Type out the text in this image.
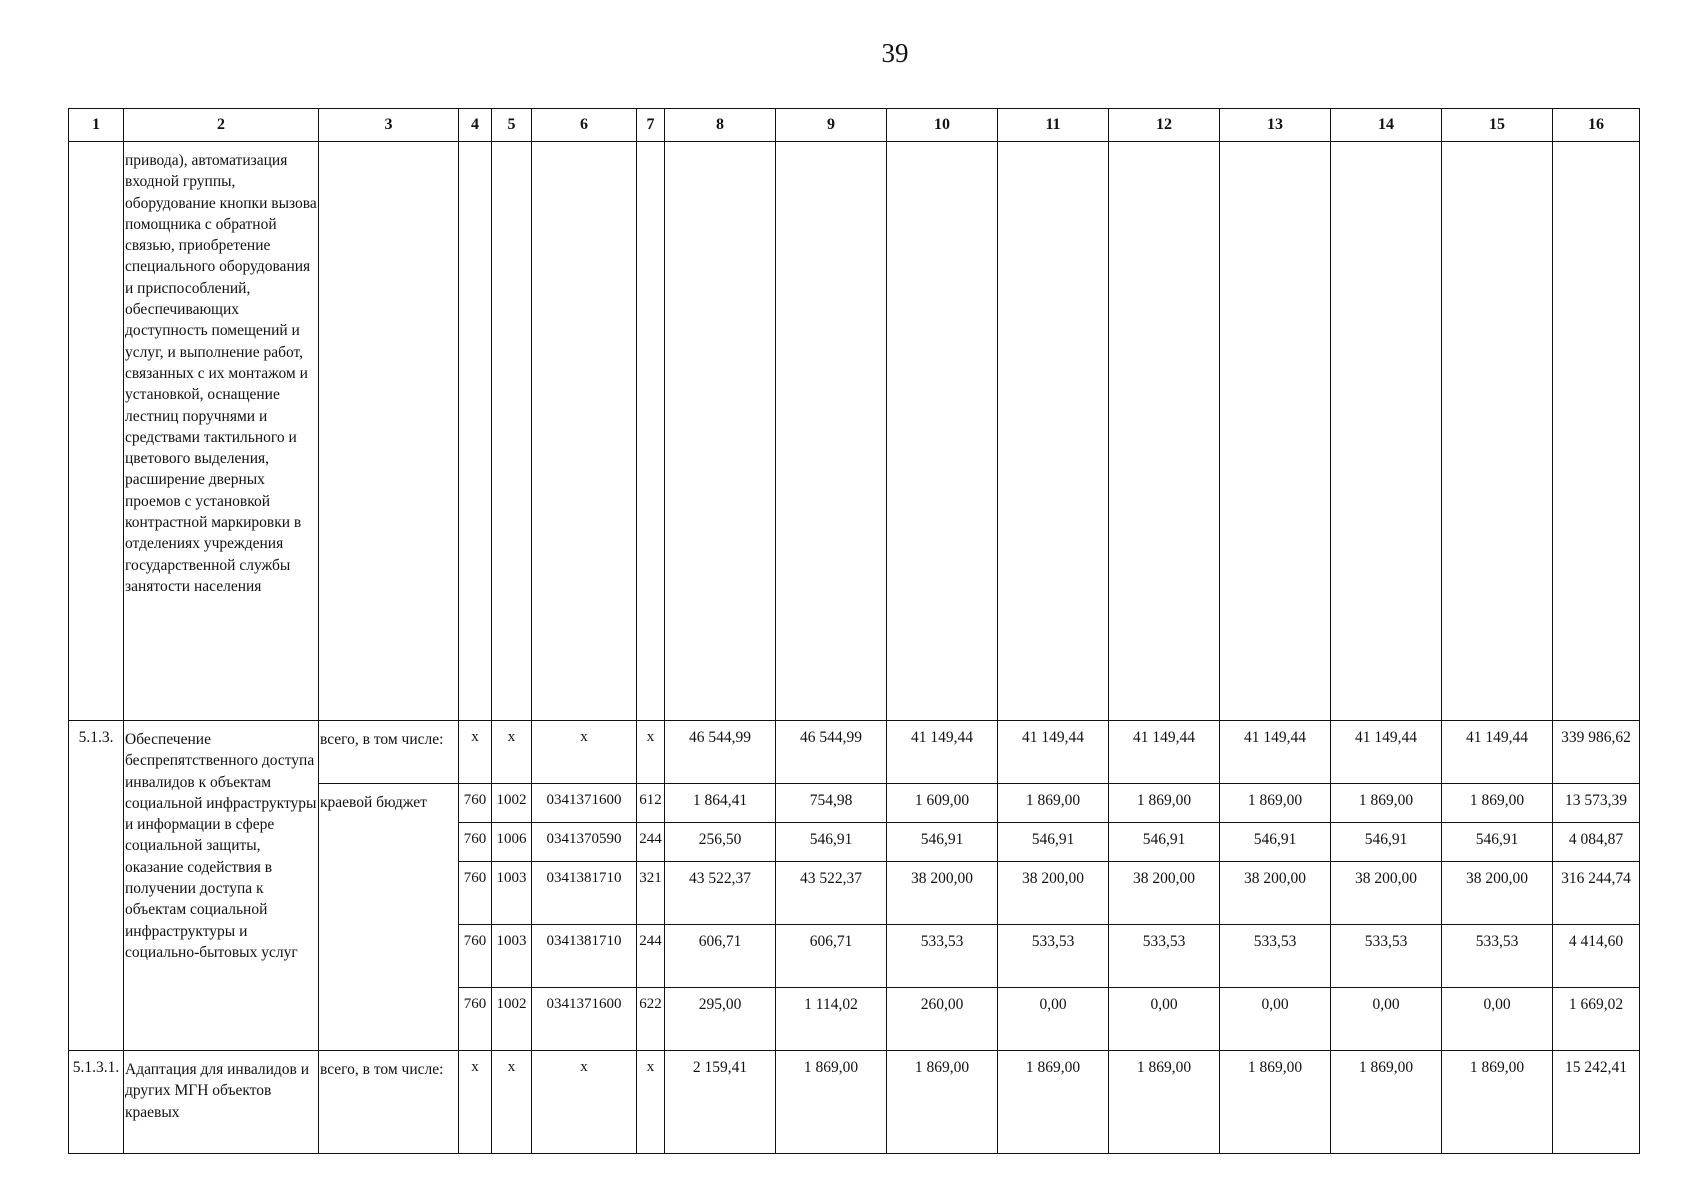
39
1	2	3	4	5	6	7	8	9	10	11	12	13	14	15	16
	привода), автоматизация входной группы, оборудование кнопки вызова помощника с обратной связью, приобретение специального оборудования и приспособлений, обеспечивающих доступность помещений и услуг, и выполнение работ, связанных с их монтажом и установкой, оснащение лестниц поручнями и средствами тактильного и цветового выделения, расширение дверных проемов с установкой контрастной маркировки в отделениях учреждения государственной службы занятости населения														
5.1.3.	Обеспечение беспрепятственного доступа инвалидов к объектам социальной инфраструктуры и информации в сфере социальной защиты, оказание содействия в получении доступа к объектам социальной инфраструктуры и социально-бытовых услуг	всего, в том числе:	х	х	х	х	46 544,99	46 544,99	41 149,44	41 149,44	41 149,44	41 149,44	41 149,44	41 149,44	339 986,62
		краевой бюджет	760	1002	0341371600	612	1 864,41	754,98	1 609,00	1 869,00	1 869,00	1 869,00	1 869,00	1 869,00	13 573,39
			760	1006	0341370590	244	256,50	546,91	546,91	546,91	546,91	546,91	546,91	546,91	4 084,87
			760	1003	0341381710	321	43 522,37	43 522,37	38 200,00	38 200,00	38 200,00	38 200,00	38 200,00	38 200,00	316 244,74
			760	1003	0341381710	244	606,71	606,71	533,53	533,53	533,53	533,53	533,53	533,53	4 414,60
			760	1002	0341371600	622	295,00	1 114,02	260,00	0,00	0,00	0,00	0,00	0,00	1 669,02
5.1.3.1.	Адаптация для инвалидов и других МГН объектов краевых	всего, в том числе:	х	х	х	х	2 159,41	1 869,00	1 869,00	1 869,00	1 869,00	1 869,00	1 869,00	1 869,00	15 242,41
